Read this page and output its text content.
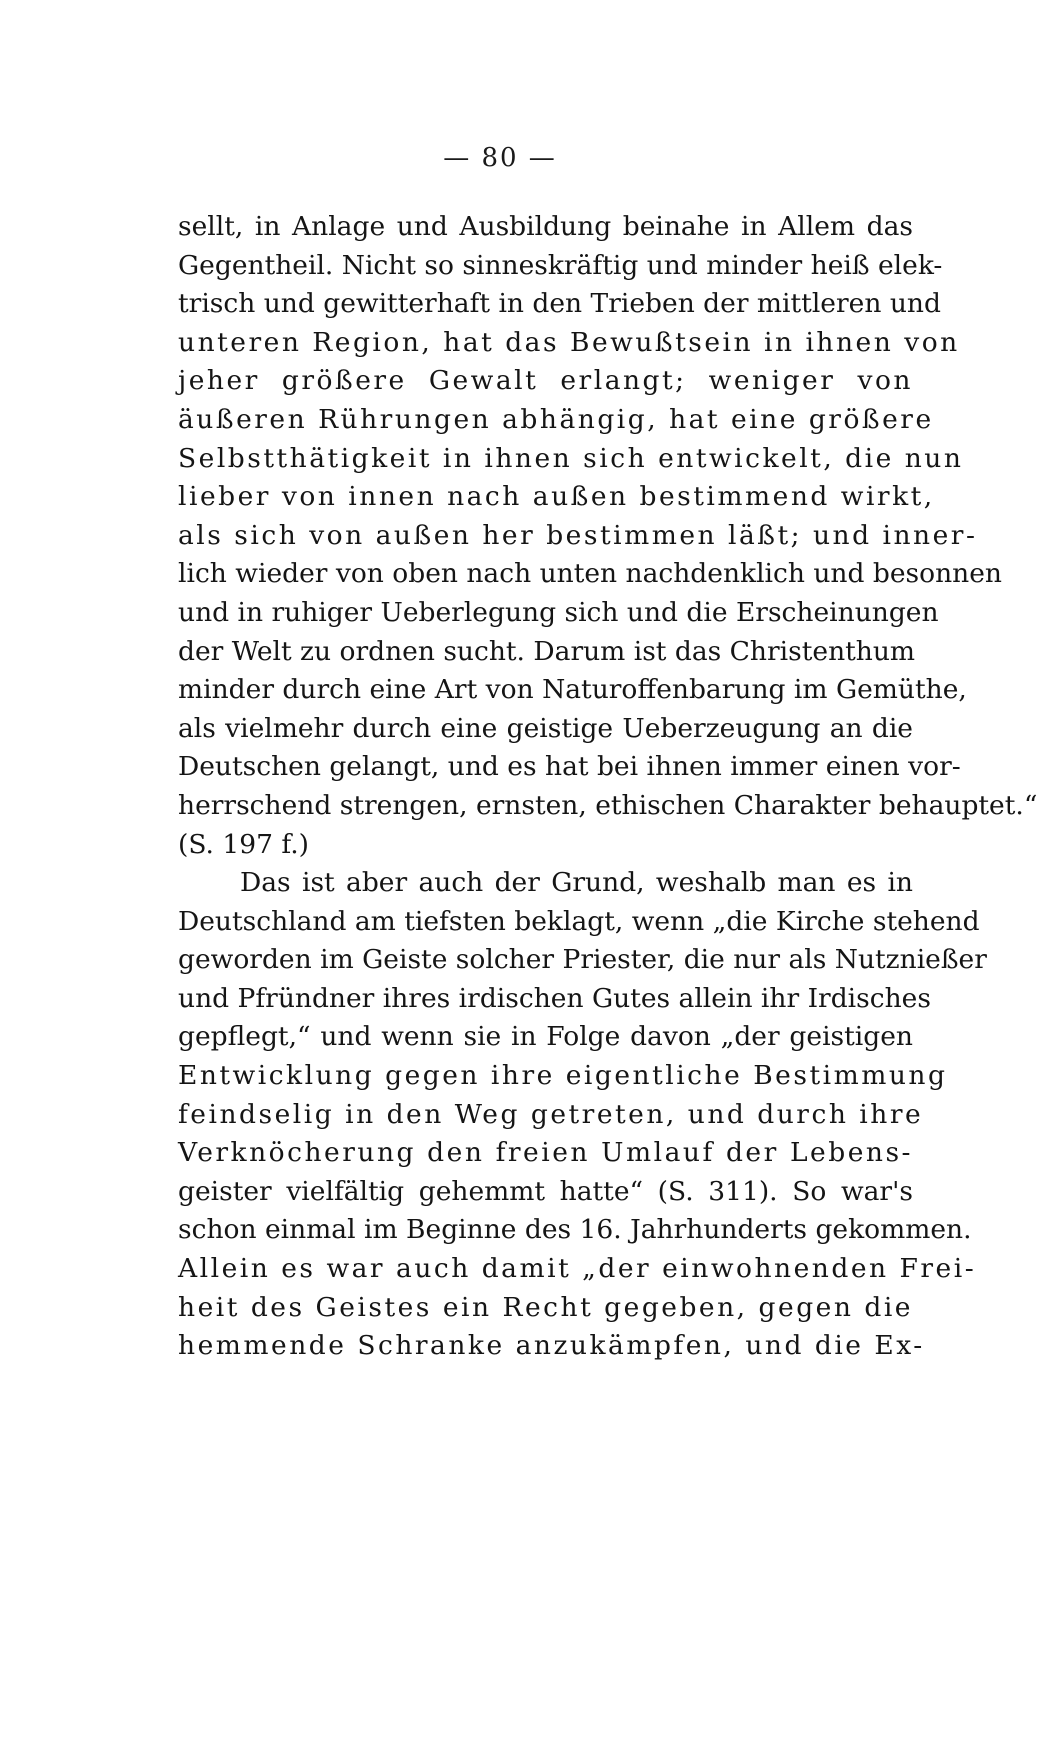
— 80 —
sellt, in Anlage und Ausbildung beinahe in Allem das
Gegentheil. Nicht so sinneskräftig und minder heiß elek-
trisch und gewitterhaft in den Trieben der mittleren und
unteren Region, hat das Bewußtsein in ihnen von
jeher größere Gewalt erlangt; weniger von
äußeren Rührungen abhängig, hat eine größere
Selbstthätigkeit in ihnen sich entwickelt, die nun
lieber von innen nach außen bestimmend wirkt,
als sich von außen her bestimmen läßt; und inner-
lich wieder von oben nach unten nachdenklich und besonnen
und in ruhiger Ueberlegung sich und die Erscheinungen
der Welt zu ordnen sucht. Darum ist das Christenthum
minder durch eine Art von Naturoffenbarung im Gemüthe,
als vielmehr durch eine geistige Ueberzeugung an die
Deutschen gelangt, und es hat bei ihnen immer einen vor-
herrschend strengen, ernsten, ethischen Charakter behauptet.“
(S. 197 f.)
Das ist aber auch der Grund, weshalb man es in
Deutschland am tiefsten beklagt, wenn „die Kirche stehend
geworden im Geiste solcher Priester, die nur als Nutznießer
und Pfründner ihres irdischen Gutes allein ihr Irdisches
gepflegt,“ und wenn sie in Folge davon „der geistigen
Entwicklung gegen ihre eigentliche Bestimmung
feindselig in den Weg getreten, und durch ihre
Verknöcherung den freien Umlauf der Lebens-
geister vielfältig gehemmt hatte“ (S. 311). So war's
schon einmal im Beginne des 16. Jahrhunderts gekommen.
Allein es war auch damit „der einwohnenden Frei-
heit des Geistes ein Recht gegeben, gegen die
hemmende Schranke anzukämpfen, und die Ex-
